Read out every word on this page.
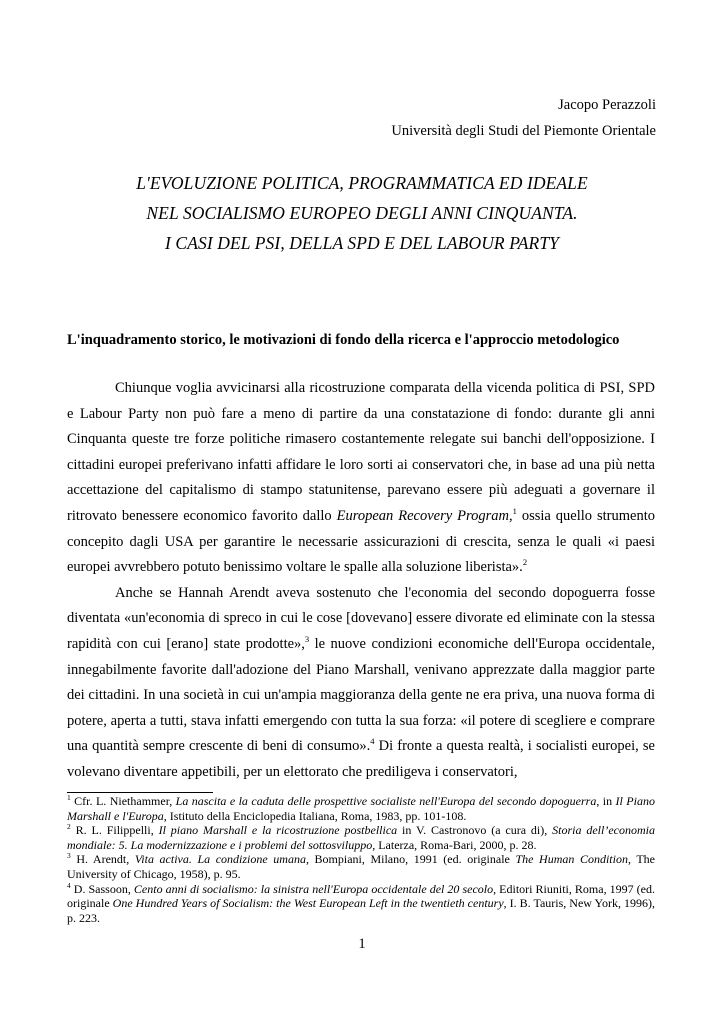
Jacopo Perazzoli
Università degli Studi del Piemonte Orientale
L'EVOLUZIONE POLITICA, PROGRAMMATICA ED IDEALE
NEL SOCIALISMO EUROPEO DEGLI ANNI CINQUANTA.
I CASI DEL PSI, DELLA SPD E DEL LABOUR PARTY
L'inquadramento storico, le motivazioni di fondo della ricerca e l'approccio metodologico

Chiunque voglia avvicinarsi alla ricostruzione comparata della vicenda politica di PSI, SPD e Labour Party non può fare a meno di partire da una constatazione di fondo: durante gli anni Cinquanta queste tre forze politiche rimasero costantemente relegate sui banchi dell'opposizione. I cittadini europei preferivano infatti affidare le loro sorti ai conservatori che, in base ad una più netta accettazione del capitalismo di stampo statunitense, parevano essere più adeguati a governare il ritrovato benessere economico favorito dallo European Recovery Program,$^1$ ossia quello strumento concepito dagli USA per garantire le necessarie assicurazioni di crescita, senza le quali «i paesi europei avvrebbero potuto benissimo voltare le spalle alla soluzione liberista».$^2$

Anche se Hannah Arendt aveva sostenuto che l'economia del secondo dopoguerra fosse diventata «un'economia di spreco in cui le cose [dovevano] essere divorate ed eliminate con la stessa rapidità con cui [erano] state prodotte»,$^3$ le nuove condizioni economiche dell'Europa occidentale, innegabilmente favorite dall'adozione del Piano Marshall, venivano apprezzate dalla maggior parte dei cittadini. In una società in cui un'ampia maggioranza della gente ne era priva, una nuova forma di potere, aperta a tutti, stava infatti emergendo con tutta la sua forza: «il potere di scegliere e comprare una quantità sempre crescente di beni di consumo».$^4$ Di fronte a questa realtà, i socialisti europei, se volevano diventare appetibili, per un elettorato che prediligeva i conservatori,

$^1$ Cfr. L. Niethammer, La nascita e la caduta delle prospettive socialiste nell'Europa del secondo dopoguerra, in Il Piano Marshall e l'Europa, Istituto della Enciclopedia Italiana, Roma, 1983, pp. 101-108.
$^2$ R. L. Filippelli, Il piano Marshall e la ricostruzione postbellica in V. Castronovo (a cura di), Storia dell’economia mondiale: 5. La modernizzazione e i problemi del sottosviluppo, Laterza, Roma-Bari, 2000, p. 28.
$^3$ H. Arendt, Vita activa. La condizione umana, Bompiani, Milano, 1991 (ed. originale The Human Condition, The University of Chicago, 1958), p. 95.
$^4$ D. Sassoon, Cento anni di socialismo: la sinistra nell'Europa occidentale del 20 secolo, Editori Riuniti, Roma, 1997 (ed. originale One Hundred Years of Socialism: the West European Left in the twentieth century, I. B. Tauris, New York, 1996), p. 223.
1
